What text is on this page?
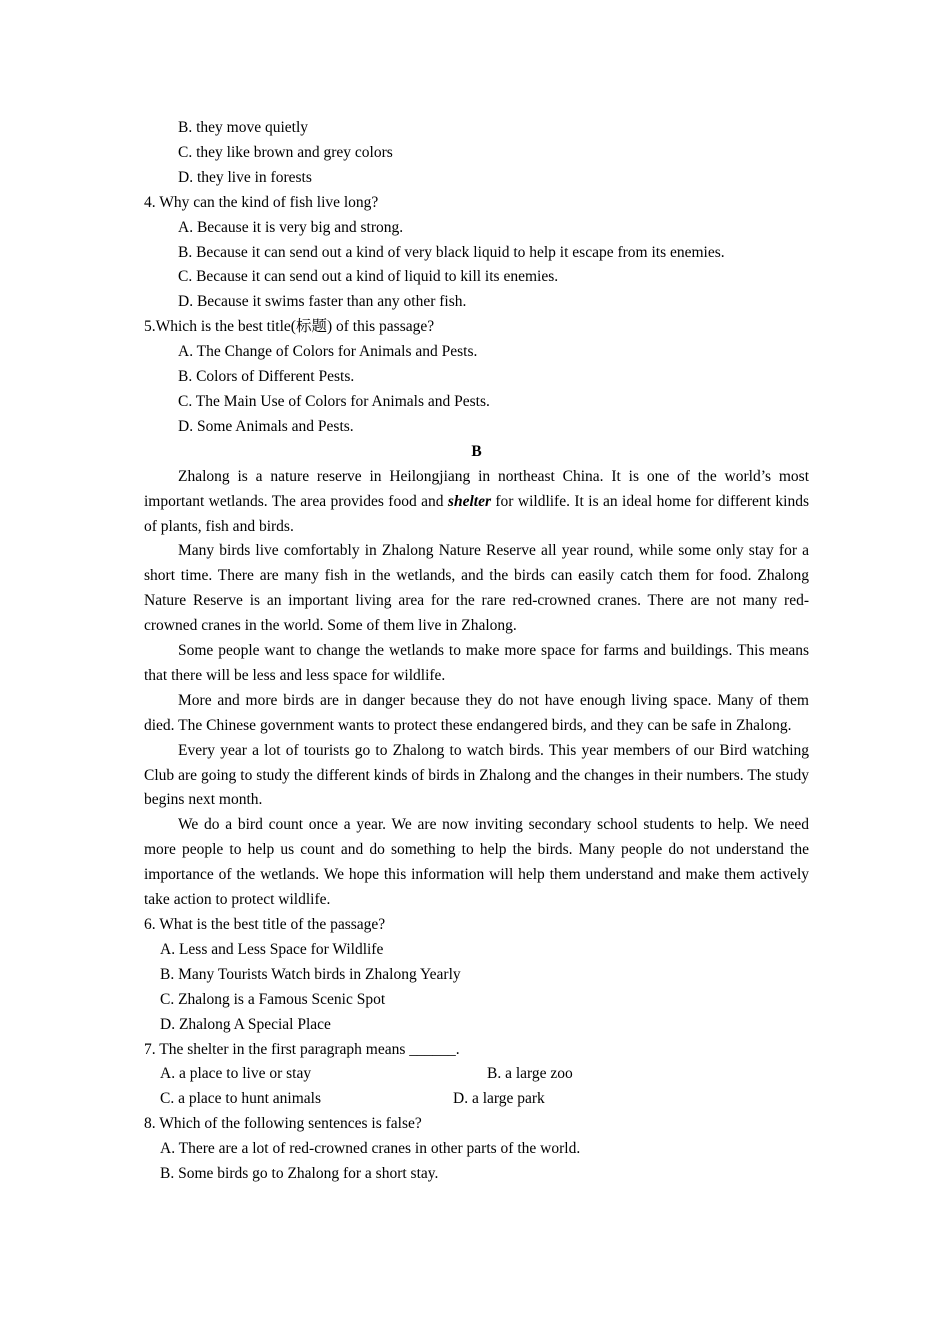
B. they move quietly

C. they like brown and grey colors

D. they live in forests

4. Why can the kind of fish live long?

A. Because it is very big and strong.

B. Because it can send out a kind of very black liquid to help it escape from its enemies.

C. Because it can send out a kind of liquid to kill its enemies.

D. Because it swims faster than any other fish.

5.Which is the best title(标题) of this passage?

A. The Change of Colors for Animals and Pests.

B. Colors of Different Pests.

C. The Main Use of Colors for Animals and Pests.

D. Some Animals and Pests.

B

Zhalong is a nature reserve in Heilongjiang in northeast China. It is one of the world’s most important wetlands. The area provides food and shelter for wildlife. It is an ideal home for different kinds of plants, fish and birds.

Many birds live comfortably in Zhalong Nature Reserve all year round, while some only stay for a short time. There are many fish in the wetlands, and the birds can easily catch them for food. Zhalong Nature Reserve is an important living area for the rare red-crowned cranes. There are not many red-crowned cranes in the world. Some of them live in Zhalong.

Some people want to change the wetlands to make more space for farms and buildings. This means that there will be less and less space for wildlife.

More and more birds are in danger because they do not have enough living space. Many of them died. The Chinese government wants to protect these endangered birds, and they can be safe in Zhalong.

Every year a lot of tourists go to Zhalong to watch birds. This year members of our Bird watching Club are going to study the different kinds of birds in Zhalong and the changes in their numbers. The study begins next month.

We do a bird count once a year. We are now inviting secondary school students to help. We need more people to help us count and do something to help the birds. Many people do not understand the importance of the wetlands. We hope this information will help them understand and make them actively take action to protect wildlife.

6. What is the best title of the passage?

A. Less and Less Space for Wildlife

B. Many Tourists Watch birds in Zhalong Yearly

C. Zhalong is a Famous Scenic Spot

D. Zhalong A Special Place

7. The shelter in the first paragraph means ______.

A. a place to live or stay	B. a large zoo
C. a place to hunt animals	D. a large park

8. Which of the following sentences is false?

A. There are a lot of red-crowned cranes in other parts of the world.

B. Some birds go to Zhalong for a short stay.
